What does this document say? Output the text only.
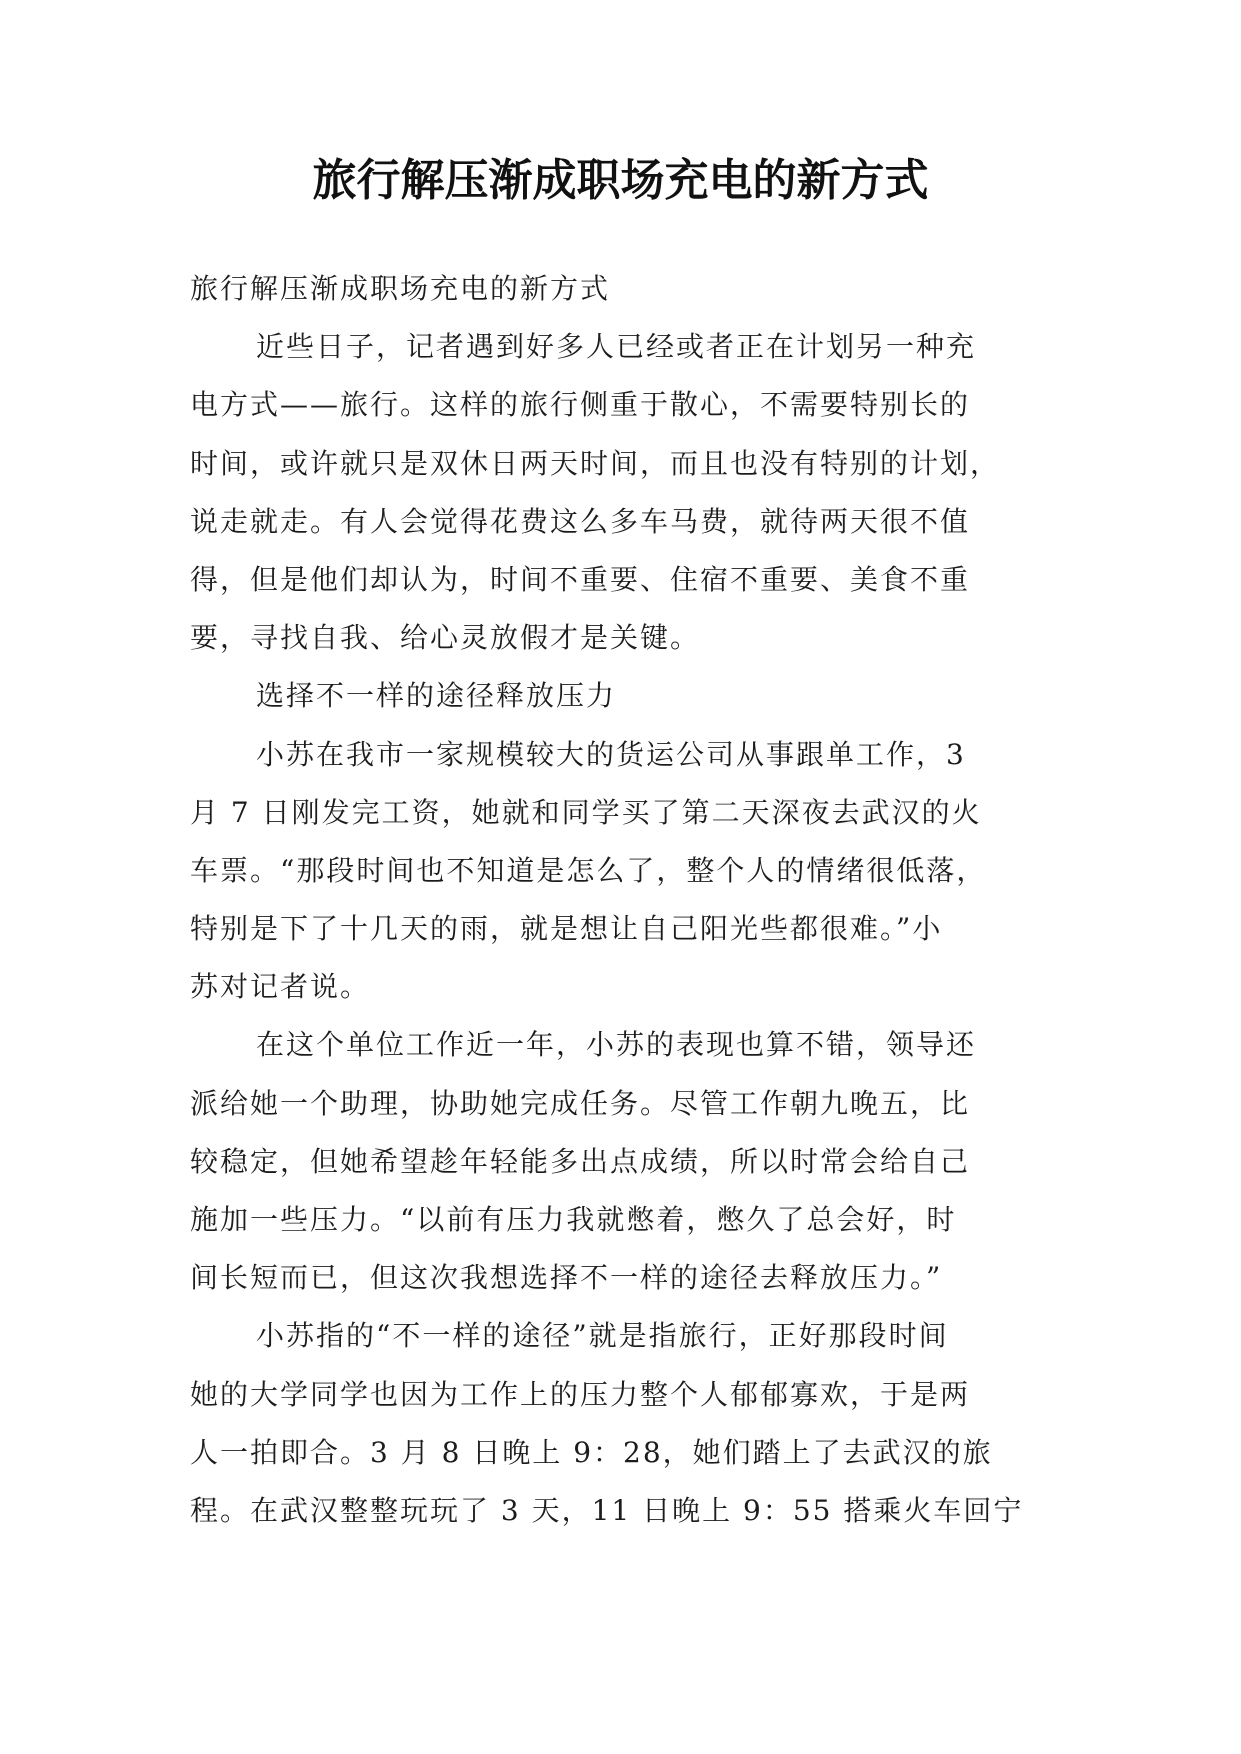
旅行解压渐成职场充电的新方式
旅行解压渐成职场充电的新方式
近些日子，记者遇到好多人已经或者正在计划另一种充
电方式——旅行。这样的旅行侧重于散心，不需要特别长的
时间，或许就只是双休日两天时间，而且也没有特别的计划，
说走就走。有人会觉得花费这么多车马费，就待两天很不值
得，但是他们却认为，时间不重要、住宿不重要、美食不重
要，寻找自我、给心灵放假才是关键。
选择不一样的途径释放压力
小苏在我市一家规模较大的货运公司从事跟单工作，3
月 7 日刚发完工资，她就和同学买了第二天深夜去武汉的火
车票。“那段时间也不知道是怎么了，整个人的情绪很低落，
特别是下了十几天的雨，就是想让自己阳光些都很难。”小
苏对记者说。
在这个单位工作近一年，小苏的表现也算不错，领导还
派给她一个助理，协助她完成任务。尽管工作朝九晚五，比
较稳定，但她希望趁年轻能多出点成绩，所以时常会给自己
施加一些压力。“以前有压力我就憋着，憋久了总会好，时
间长短而已，但这次我想选择不一样的途径去释放压力。”
小苏指的“不一样的途径”就是指旅行，正好那段时间
她的大学同学也因为工作上的压力整个人郁郁寡欢，于是两
人一拍即合。3 月 8 日晚上 9：28，她们踏上了去武汉的旅
程。在武汉整整玩玩了 3 天，11 日晚上 9：55 搭乘火车回宁
